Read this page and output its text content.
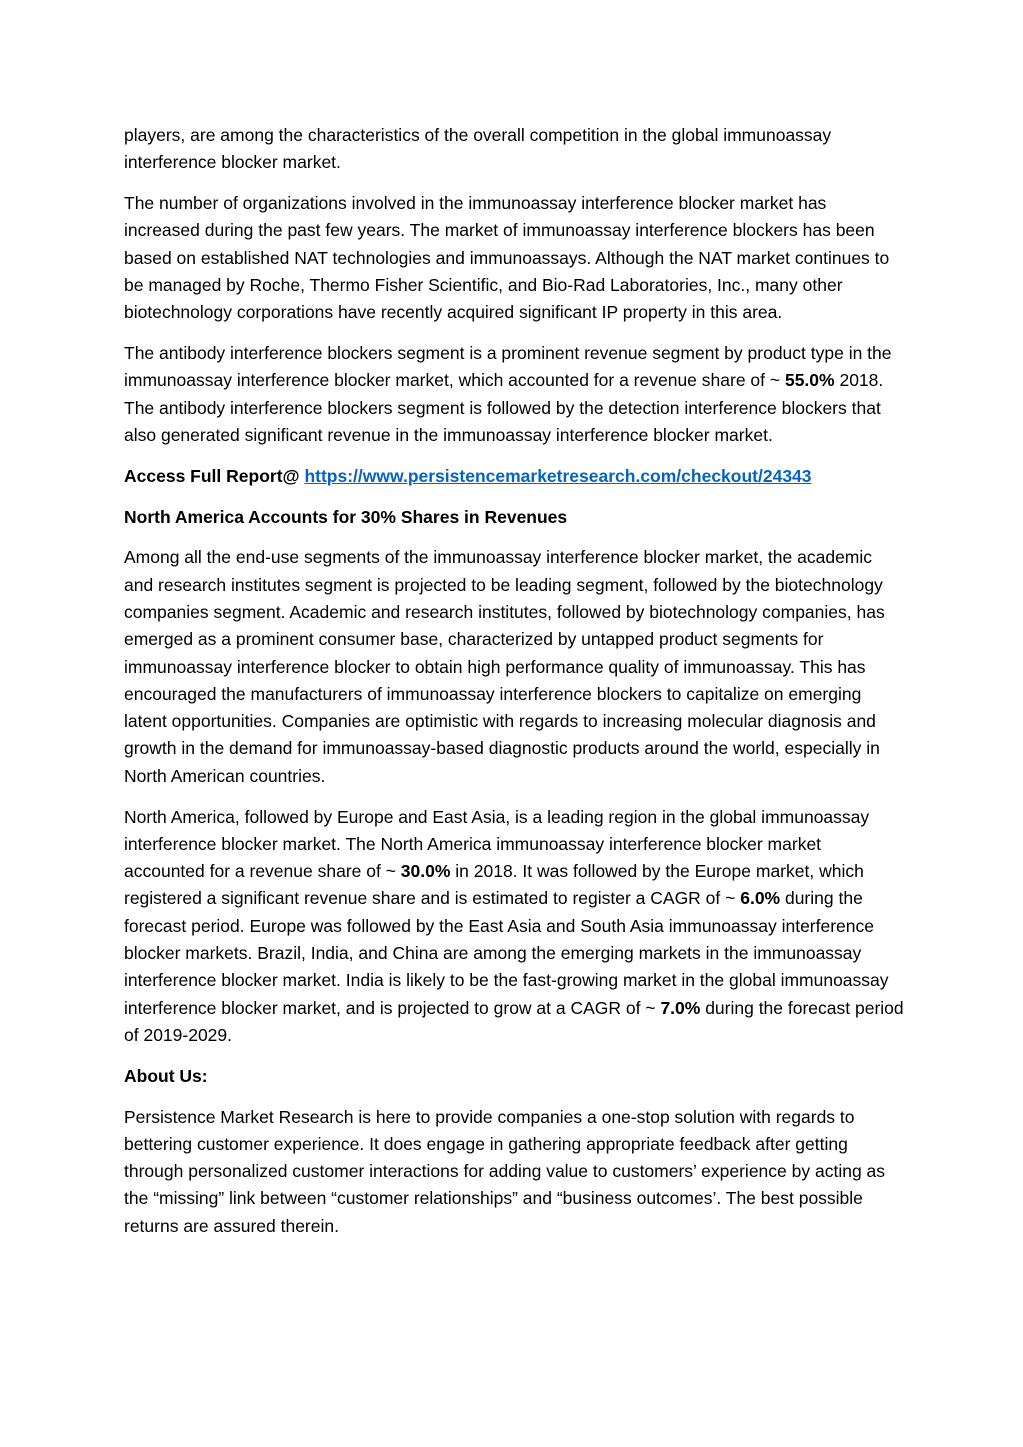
players, are among the characteristics of the overall competition in the global immunoassay interference blocker market.

The number of organizations involved in the immunoassay interference blocker market has increased during the past few years. The market of immunoassay interference blockers has been based on established NAT technologies and immunoassays. Although the NAT market continues to be managed by Roche, Thermo Fisher Scientific, and Bio-Rad Laboratories, Inc., many other biotechnology corporations have recently acquired significant IP property in this area.

The antibody interference blockers segment is a prominent revenue segment by product type in the immunoassay interference blocker market, which accounted for a revenue share of ~ 55.0% 2018. The antibody interference blockers segment is followed by the detection interference blockers that also generated significant revenue in the immunoassay interference blocker market.

Access Full Report@ https://www.persistencemarketresearch.com/checkout/24343

North America Accounts for 30% Shares in Revenues

Among all the end-use segments of the immunoassay interference blocker market, the academic and research institutes segment is projected to be leading segment, followed by the biotechnology companies segment. Academic and research institutes, followed by biotechnology companies, has emerged as a prominent consumer base, characterized by untapped product segments for immunoassay interference blocker to obtain high performance quality of immunoassay. This has encouraged the manufacturers of immunoassay interference blockers to capitalize on emerging latent opportunities. Companies are optimistic with regards to increasing molecular diagnosis and growth in the demand for immunoassay-based diagnostic products around the world, especially in North American countries.

North America, followed by Europe and East Asia, is a leading region in the global immunoassay interference blocker market. The North America immunoassay interference blocker market accounted for a revenue share of ~ 30.0% in 2018. It was followed by the Europe market, which registered a significant revenue share and is estimated to register a CAGR of ~ 6.0% during the forecast period. Europe was followed by the East Asia and South Asia immunoassay interference blocker markets. Brazil, India, and China are among the emerging markets in the immunoassay interference blocker market. India is likely to be the fast-growing market in the global immunoassay interference blocker market, and is projected to grow at a CAGR of ~ 7.0% during the forecast period of 2019-2029.

About Us:

Persistence Market Research is here to provide companies a one-stop solution with regards to bettering customer experience. It does engage in gathering appropriate feedback after getting through personalized customer interactions for adding value to customers’ experience by acting as the “missing” link between “customer relationships” and “business outcomes’. The best possible returns are assured therein.
